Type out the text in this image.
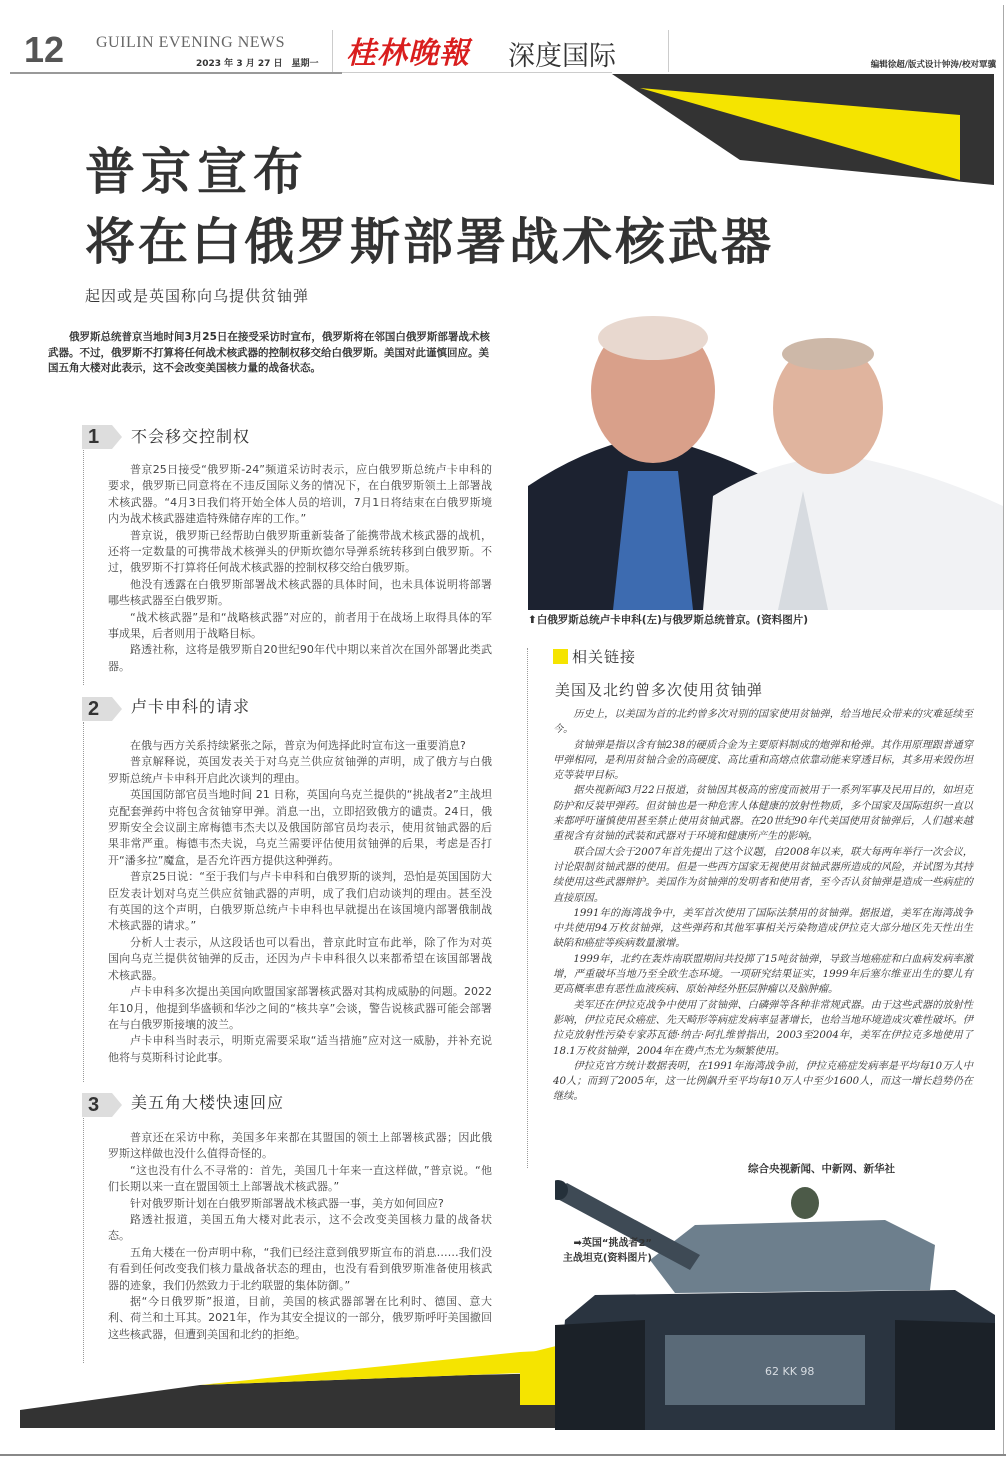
12 GUILIN EVENING NEWS
2023 年 3 月 27 日　星期一 桂林晚報 深度国际	编辑徐超/版式设计钟涛/校对覃骥
普京宣布
将在白俄罗斯部署战术核武器
起因或是英国称向乌提供贫铀弹
俄罗斯总统普京当地时间3月25日在接受采访时宣布，俄罗斯将在邻国白俄罗斯部署战术核武器。不过，俄罗斯不打算将任何战术核武器的控制权移交给白俄罗斯。美国对此谨慎回应。美国五角大楼对此表示，这不会改变美国核力量的战备状态。
1 不会移交控制权

普京25日接受“俄罗斯-24”频道采访时表示，应白俄罗斯总统卢卡申科的要求，俄罗斯已同意将在不违反国际义务的情况下，在白俄罗斯领土上部署战术核武器。“4月3日我们将开始全体人员的培训，7月1日将结束在白俄罗斯境内为战术核武器建造特殊储存库的工作。”

普京说，俄罗斯已经帮助白俄罗斯重新装备了能携带战术核武器的战机，还将一定数量的可携带战术核弹头的伊斯坎德尔导弹系统转移到白俄罗斯。不过，俄罗斯不打算将任何战术核武器的控制权移交给白俄罗斯。

他没有透露在白俄罗斯部署战术核武器的具体时间，也未具体说明将部署哪些核武器至白俄罗斯。

“战术核武器”是和“战略核武器”对应的，前者用于在战场上取得具体的军事成果，后者则用于战略目标。

路透社称，这将是俄罗斯自20世纪90年代中期以来首次在国外部署此类武器。

2 卢卡申科的请求

在俄与西方关系持续紧张之际，普京为何选择此时宣布这一重要消息?

普京解释说，英国发表关于对乌克兰供应贫铀弹的声明，成了俄方与白俄罗斯总统卢卡申科开启此次谈判的理由。

英国国防部官员当地时间 21 日称，英国向乌克兰提供的“挑战者2”主战坦克配套弹药中将包含贫铀穿甲弹。消息一出，立即招致俄方的谴责。24日，俄罗斯安全会议副主席梅德韦杰夫以及俄国防部官员均表示，使用贫铀武器的后果非常严重。梅德韦杰夫说，乌克兰需要评估使用贫铀弹的后果，考虑是否打开“潘多拉”魔盒，是否允许西方提供这种弹药。

普京25日说：“至于我们与卢卡申科和白俄罗斯的谈判，恐怕是英国国防大臣发表计划对乌克兰供应贫铀武器的声明，成了我们启动谈判的理由。甚至没有英国的这个声明，白俄罗斯总统卢卡申科也早就提出在该国境内部署俄制战术核武器的请求。”

分析人士表示，从这段话也可以看出，普京此时宣布此举，除了作为对英国向乌克兰提供贫铀弹的反击，还因为卢卡申科很久以来都希望在该国部署战术核武器。

卢卡申科多次提出美国向欧盟国家部署核武器对其构成威胁的问题。2022年10月，他提到华盛顿和华沙之间的“核共享”会谈，警告说核武器可能会部署在与白俄罗斯接壤的波兰。

卢卡申科当时表示，明斯克需要采取“适当措施”应对这一威胁，并补充说他将与莫斯科讨论此事。

3 美五角大楼快速回应

普京还在采访中称，美国多年来都在其盟国的领土上部署核武器；因此俄罗斯这样做也没什么值得奇怪的。

“这也没有什么不寻常的：首先，美国几十年来一直这样做，”普京说。“他们长期以来一直在盟国领土上部署战术核武器。”

针对俄罗斯计划在白俄罗斯部署战术核武器一事，美方如何回应?

路透社报道，美国五角大楼对此表示，这不会改变美国核力量的战备状态。

五角大楼在一份声明中称，“我们已经注意到俄罗斯宣布的消息……我们没有看到任何改变我们核力量战备状态的理由，也没有看到俄罗斯准备使用核武器的迹象，我们仍然致力于北约联盟的集体防御。”

据“今日俄罗斯”报道，目前，美国的核武器部署在比利时、德国、意大利、荷兰和土耳其。2021年，作为其安全提议的一部分，俄罗斯呼吁美国撤回这些核武器，但遭到美国和北约的拒绝。

⬆白俄罗斯总统卢卡申科(左)与俄罗斯总统普京。(资料图片)
相关链接
美国及北约曾多次使用贫铀弹

历史上，以美国为首的北约曾多次对别的国家使用贫铀弹，给当地民众带来的灾难延续至今。

贫铀弹是指以含有铀238的硬质合金为主要原料制成的炮弹和枪弹。其作用原理跟普通穿甲弹相同，是利用贫铀合金的高硬度、高比重和高熔点依靠动能来穿透目标，其多用来毁伤坦克等装甲目标。

据央视新闻3月22日报道，贫铀因其极高的密度而被用于一系列军事及民用目的，如坦克防护和反装甲弹药。但贫铀也是一种危害人体健康的放射性物质，多个国家及国际组织一直以来都呼吁谨慎使用甚至禁止使用贫铀武器。在20世纪90年代美国使用贫铀弹后，人们越来越重视含有贫铀的武装和武器对于环境和健康所产生的影响。

联合国大会于2007年首先提出了这个议题，自2008年以来，联大每两年举行一次会议，讨论限制贫铀武器的使用。但是一些西方国家无视使用贫铀武器所造成的风险，并试图为其持续使用这些武器辩护。美国作为贫铀弹的发明者和使用者，至今否认贫铀弹是造成一些病症的直接原因。

1991年的海湾战争中，美军首次使用了国际法禁用的贫铀弹。据报道，美军在海湾战争中共使用94万枚贫铀弹，这些弹药和其他军事相关污染物造成伊拉克大部分地区先天性出生缺陷和癌症等疾病数量激增。

1999年，北约在轰炸南联盟期间共投掷了15吨贫铀弹，导致当地癌症和白血病发病率激增，严重破坏当地乃至全欧生态环境。一项研究结果证实，1999年后塞尔维亚出生的婴儿有更高概率患有恶性血液疾病、原始神经外胚层肿瘤以及脑肿瘤。

美军还在伊拉克战争中使用了贫铀弹、白磷弹等各种非常规武器。由于这些武器的放射性影响，伊拉克民众癌症、先天畸形等病症发病率显著增长，也给当地环境造成灾难性破坏。伊拉克放射性污染专家苏瓦德·纳吉·阿扎维曾指出，2003至2004年，美军在伊拉克多地使用了18.1万枚贫铀弹，2004年在费卢杰尤为频繁使用。

伊拉克官方统计数据表明，在1991年海湾战争前，伊拉克癌症发病率是平均每10万人中40人；而到了2005年，这一比例飙升至平均每10万人中至少1600人，而这一增长趋势仍在继续。

综合央视新闻、中新网、新华社
62 KK 98
➡英国“挑战者2”
主战坦克(资料图片)
